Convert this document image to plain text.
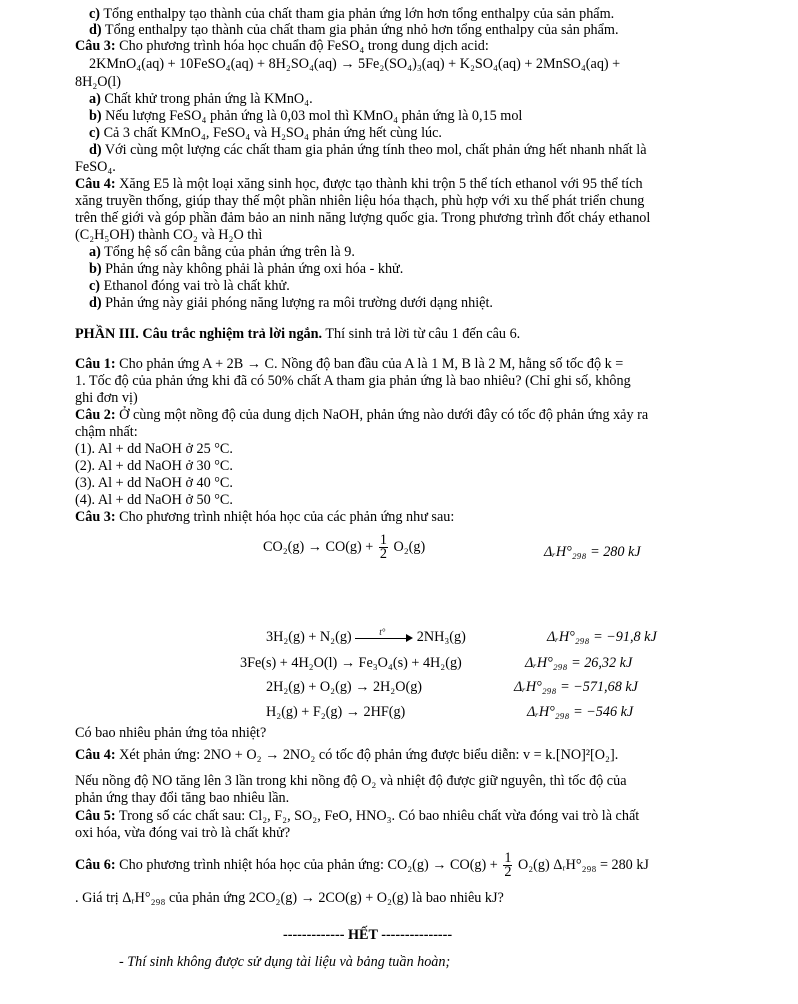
c) Tổng enthalpy tạo thành của chất tham gia phản ứng lớn hơn tổng enthalpy của sản phẩm.
d) Tổng enthalpy tạo thành của chất tham gia phản ứng nhỏ hơn tổng enthalpy của sản phẩm.
Câu 3: Cho phương trình hóa học chuẩn độ FeSO₄ trong dung dịch acid:
2KMnO₄(aq) + 10FeSO₄(aq) + 8H₂SO₄(aq) → 5Fe₂(SO₄)₃(aq) + K₂SO₄(aq) + 2MnSO₄(aq) +
8H₂O(l)
a) Chất khử trong phản ứng là KMnO₄.
b) Nếu lượng FeSO₄ phản ứng là 0,03 mol thì KMnO₄ phản ứng là 0,15 mol
c) Cả 3 chất KMnO₄, FeSO₄ và H₂SO₄ phản ứng hết cùng lúc.
d) Với cùng một lượng các chất tham gia phản ứng tính theo mol, chất phản ứng hết nhanh nhất là
FeSO₄.
Câu 4: Xăng E5 là một loại xăng sinh học, được tạo thành khi trộn 5 thể tích ethanol với 95 thể tích
xăng truyền thống, giúp thay thế một phần nhiên liệu hóa thạch, phù hợp với xu thế phát triển chung
trên thế giới và góp phần đảm bảo an ninh năng lượng quốc gia. Trong phương trình đốt cháy ethanol
(C₂H₅OH) thành CO₂ và H₂O thì
a) Tổng hệ số cân bằng của phản ứng trên là 9.
b) Phản ứng này không phải là phản ứng oxi hóa - khử.
c) Ethanol đóng vai trò là chất khử.
d) Phản ứng này giải phóng năng lượng ra môi trường dưới dạng nhiệt.
PHẦN III. Câu trắc nghiệm trả lời ngắn. Thí sinh trả lời từ câu 1 đến câu 6.
Câu 1: Cho phản ứng A + 2B → C. Nồng độ ban đầu của A là 1 M, B là 2 M, hằng số tốc độ k =
1. Tốc độ của phản ứng khi đã có 50% chất A tham gia phản ứng là bao nhiêu? (Chỉ ghi số, không
ghi đơn vị)
Câu 2: Ở cùng một nồng độ của dung dịch NaOH, phản ứng nào dưới đây có tốc độ phản ứng xảy ra
chậm nhất:
(1). Al + dd NaOH ở 25 °C.
(2). Al + dd NaOH ở 30 °C.
(3). Al + dd NaOH ở 40 °C.
(4). Al + dd NaOH ở 50 °C.
Câu 3: Cho phương trình nhiệt hóa học của các phản ứng như sau:
$CO_2(g) \to CO(g) + \frac{1}{2} O_2(g)$	ΔᵣH°₂₉₈ = 280 kJ
3H₂(g) + N₂(g)	t° 2NH₃(g)	ΔᵣH°₂₉₈ = −91,8 kJ
3Fe(s) + 4H₂O(l) → Fe₃O₄(s) + 4H₂(g)	ΔᵣH°₂₉₈ = 26,32 kJ
2H₂(g) + O₂(g) → 2H₂O(g)	ΔᵣH°₂₉₈ = −571,68 kJ
H₂(g) + F₂(g) → 2HF(g)	ΔᵣH°₂₉₈ = −546 kJ
Có bao nhiêu phản ứng tỏa nhiệt?
Câu 4: Xét phản ứng: 2NO + O₂ → 2NO₂ có tốc độ phản ứng được biểu diễn: v = k.[NO]²[O₂].
Nếu nồng độ NO tăng lên 3 lần trong khi nồng độ O₂ và nhiệt độ được giữ nguyên, thì tốc độ của
phản ứng thay đổi tăng bao nhiêu lần.
Câu 5: Trong số các chất sau: Cl₂, F₂, SO₂, FeO, HNO₃. Có bao nhiêu chất vừa đóng vai trò là chất
oxi hóa, vừa đóng vai trò là chất khử?
Câu 6: Cho phương trình nhiệt hóa học của phản ứng: $CO_2(g) \to CO(g) + \frac{1}{2} O_2(g)$ ΔᵣH°₂₉₈ = 280 kJ
. Giá trị ΔᵣH°₂₉₈ của phản ứng 2CO₂(g) → 2CO(g) + O₂(g) là bao nhiêu kJ?
------------- HẾT ---------------
- Thí sinh không được sử dụng tài liệu và bảng tuần hoàn;
